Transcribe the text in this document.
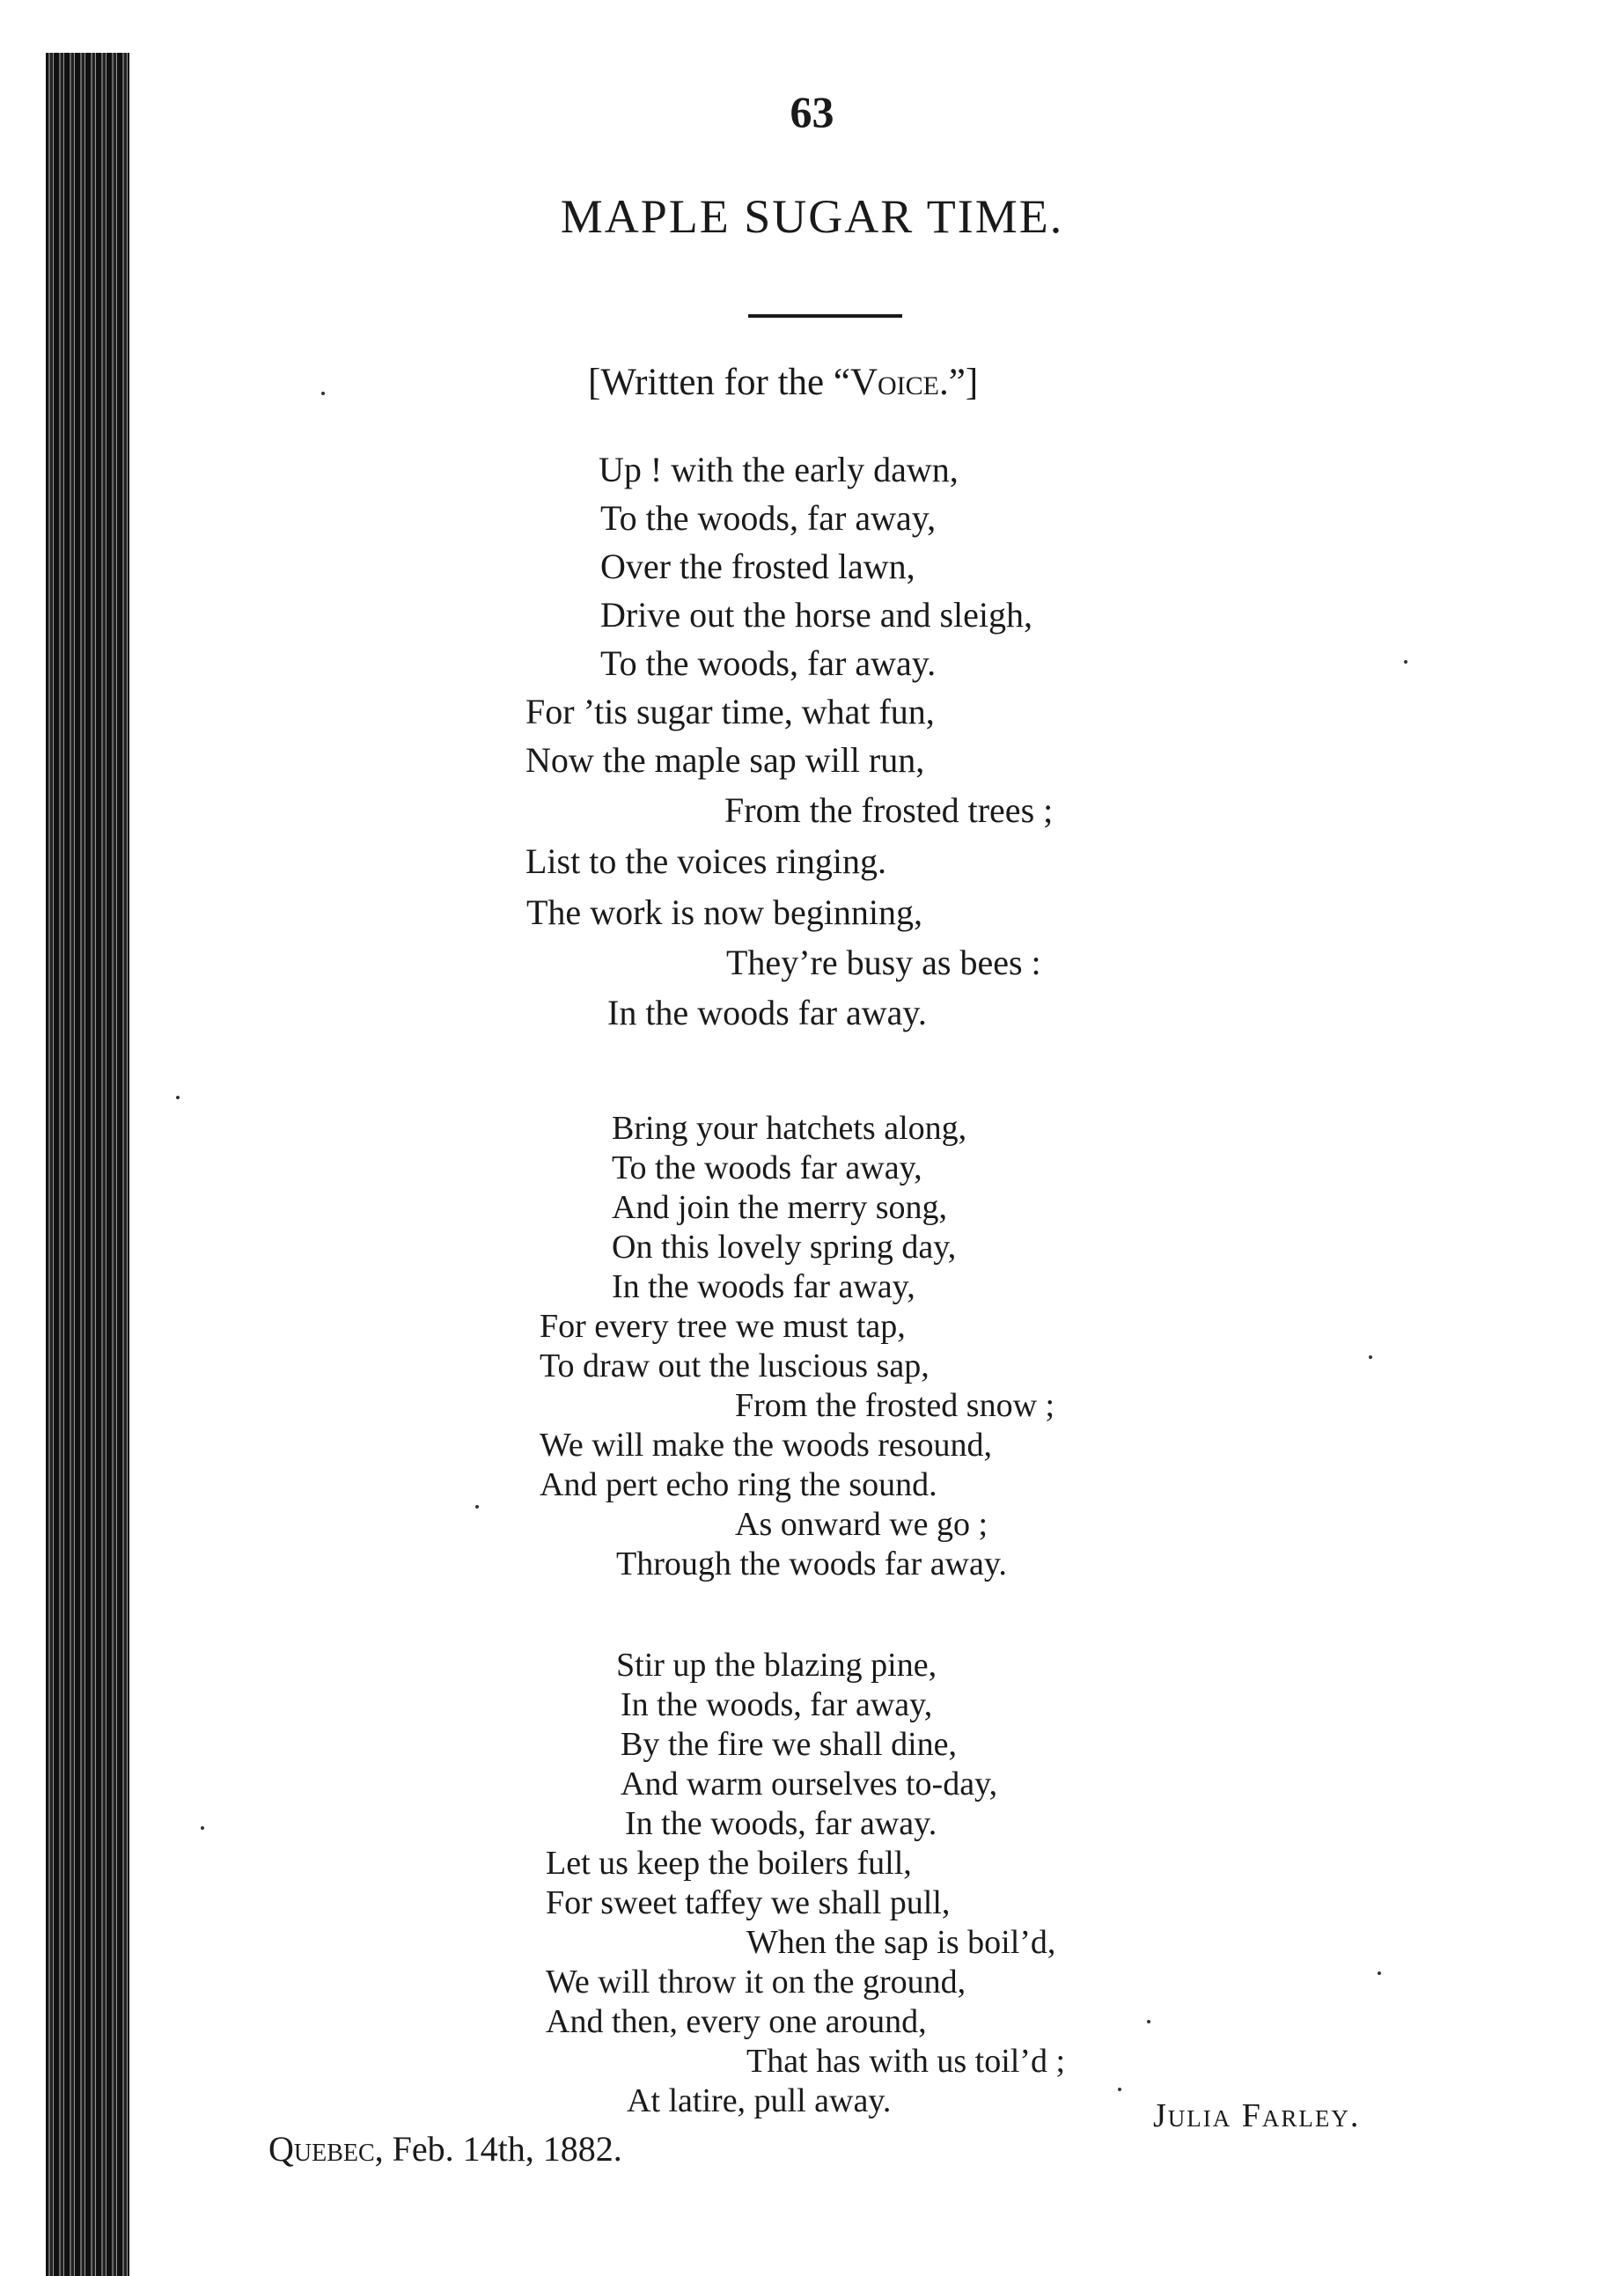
63
MAPLE SUGAR TIME.
[Written for the “Voice.”]
Up ! with the early dawn,
To the woods, far away,
Over the frosted lawn,
Drive out the horse and sleigh,
To the woods, far away.
For ’tis sugar time, what fun,
Now the maple sap will run,
From the frosted trees ;
List to the voices ringing.
The work is now beginning,
They’re busy as bees :
In the woods far away.
Bring your hatchets along,
To the woods far away,
And join the merry song,
On this lovely spring day,
In the woods far away,
For every tree we must tap,
To draw out the luscious sap,
From the frosted snow ;
We will make the woods resound,
And pert echo ring the sound.
As onward we go ;
Through the woods far away.
Stir up the blazing pine,
In the woods, far away,
By the fire we shall dine,
And warm ourselves to-day,
In the woods, far away.
Let us keep the boilers full,
For sweet taffey we shall pull,
When the sap is boil’d,
We will throw it on the ground,
And then, every one around,
That has with us toil’d ;
At latire, pull away.	Julia Farley.
Quebec, Feb. 14th, 1882.
